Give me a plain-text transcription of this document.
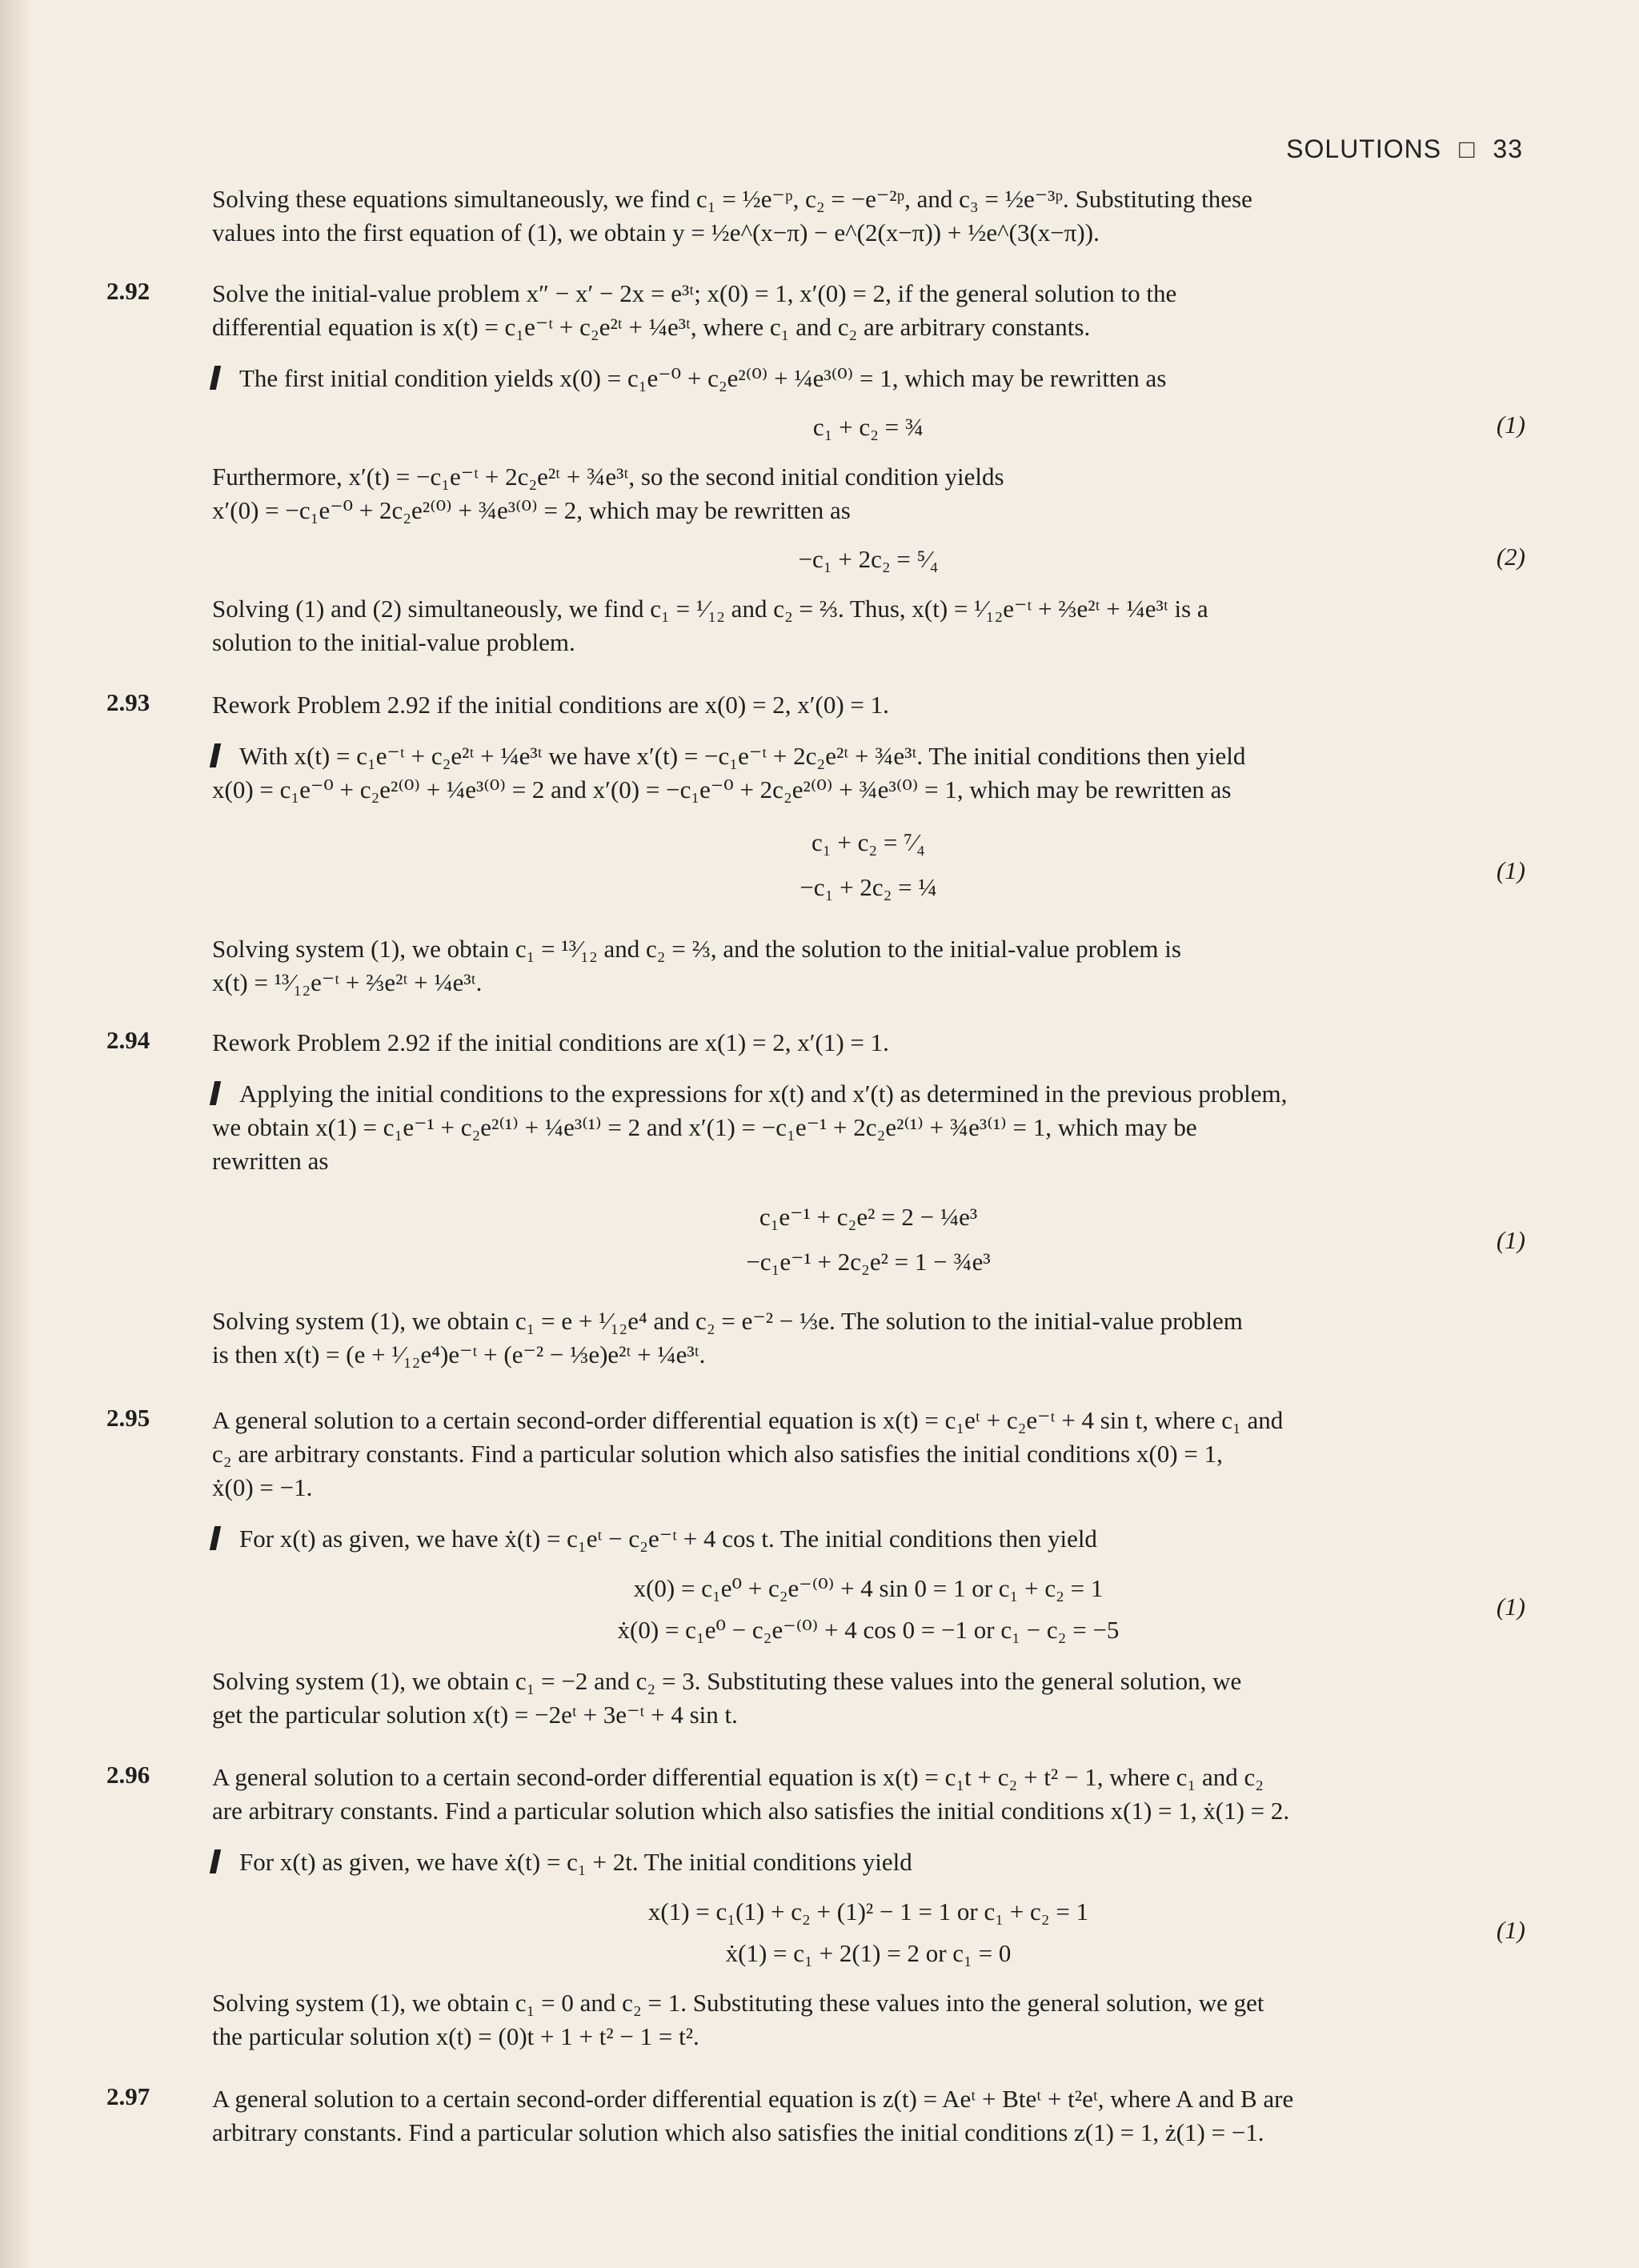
SOLUTIONS □ 33
Solving these equations simultaneously, we find c₁ = ½e⁻ᵖ, c₂ = −e⁻²ᵖ, and c₃ = ½e⁻³ᵖ. Substituting these
values into the first equation of (1), we obtain y = ½e^(x−π) − e^(2(x−π)) + ½e^(3(x−π)).
2.92	Solve the initial-value problem x″ − x′ − 2x = e³ᵗ; x(0) = 1, x′(0) = 2, if the general solution to the
differential equation is x(t) = c₁e⁻ᵗ + c₂e²ᵗ + ¼e³ᵗ, where c₁ and c₂ are arbitrary constants.
The first initial condition yields x(0) = c₁e⁻⁰ + c₂e²⁽⁰⁾ + ¼e³⁽⁰⁾ = 1, which may be rewritten as
c₁ + c₂ = ¾	(1)
Furthermore, x′(t) = −c₁e⁻ᵗ + 2c₂e²ᵗ + ¾e³ᵗ, so the second initial condition yields
x′(0) = −c₁e⁻⁰ + 2c₂e²⁽⁰⁾ + ¾e³⁽⁰⁾ = 2, which may be rewritten as
−c₁ + 2c₂ = ⁵⁄₄	(2)
Solving (1) and (2) simultaneously, we find c₁ = ¹⁄₁₂ and c₂ = ⅔. Thus, x(t) = ¹⁄₁₂e⁻ᵗ + ⅔e²ᵗ + ¼e³ᵗ is a
solution to the initial-value problem.
2.93	Rework Problem 2.92 if the initial conditions are x(0) = 2, x′(0) = 1.
With x(t) = c₁e⁻ᵗ + c₂e²ᵗ + ¼e³ᵗ we have x′(t) = −c₁e⁻ᵗ + 2c₂e²ᵗ + ¾e³ᵗ. The initial conditions then yield
x(0) = c₁e⁻⁰ + c₂e²⁽⁰⁾ + ¼e³⁽⁰⁾ = 2 and x′(0) = −c₁e⁻⁰ + 2c₂e²⁽⁰⁾ + ¾e³⁽⁰⁾ = 1, which may be rewritten as
c₁ + c₂ = ⁷⁄₄
(1)
−c₁ + 2c₂ = ¼
Solving system (1), we obtain c₁ = ¹³⁄₁₂ and c₂ = ⅔, and the solution to the initial-value problem is
x(t) = ¹³⁄₁₂e⁻ᵗ + ⅔e²ᵗ + ¼e³ᵗ.
2.94	Rework Problem 2.92 if the initial conditions are x(1) = 2, x′(1) = 1.
Applying the initial conditions to the expressions for x(t) and x′(t) as determined in the previous problem,
we obtain x(1) = c₁e⁻¹ + c₂e²⁽¹⁾ + ¼e³⁽¹⁾ = 2 and x′(1) = −c₁e⁻¹ + 2c₂e²⁽¹⁾ + ¾e³⁽¹⁾ = 1, which may be
rewritten as
c₁e⁻¹ + c₂e² = 2 − ¼e³
(1)
−c₁e⁻¹ + 2c₂e² = 1 − ¾e³
Solving system (1), we obtain c₁ = e + ¹⁄₁₂e⁴ and c₂ = e⁻² − ⅓e. The solution to the initial-value problem
is then x(t) = (e + ¹⁄₁₂e⁴)e⁻ᵗ + (e⁻² − ⅓e)e²ᵗ + ¼e³ᵗ.
2.95	A general solution to a certain second-order differential equation is x(t) = c₁eᵗ + c₂e⁻ᵗ + 4 sin t, where c₁ and
c₂ are arbitrary constants. Find a particular solution which also satisfies the initial conditions x(0) = 1,
ẋ(0) = −1.
For x(t) as given, we have ẋ(t) = c₁eᵗ − c₂e⁻ᵗ + 4 cos t. The initial conditions then yield
x(0) = c₁e⁰ + c₂e⁻⁽⁰⁾ + 4 sin 0 = 1 or c₁ + c₂ = 1
(1)
ẋ(0) = c₁e⁰ − c₂e⁻⁽⁰⁾ + 4 cos 0 = −1 or c₁ − c₂ = −5
Solving system (1), we obtain c₁ = −2 and c₂ = 3. Substituting these values into the general solution, we
get the particular solution x(t) = −2eᵗ + 3e⁻ᵗ + 4 sin t.
2.96	A general solution to a certain second-order differential equation is x(t) = c₁t + c₂ + t² − 1, where c₁ and c₂
are arbitrary constants. Find a particular solution which also satisfies the initial conditions x(1) = 1, ẋ(1) = 2.
For x(t) as given, we have ẋ(t) = c₁ + 2t. The initial conditions yield
x(1) = c₁(1) + c₂ + (1)² − 1 = 1 or c₁ + c₂ = 1
(1)
ẋ(1) = c₁ + 2(1) = 2 or c₁ = 0
Solving system (1), we obtain c₁ = 0 and c₂ = 1. Substituting these values into the general solution, we get
the particular solution x(t) = (0)t + 1 + t² − 1 = t².
2.97	A general solution to a certain second-order differential equation is z(t) = Aeᵗ + Bteᵗ + t²eᵗ, where A and B are
arbitrary constants. Find a particular solution which also satisfies the initial conditions z(1) = 1, ż(1) = −1.
